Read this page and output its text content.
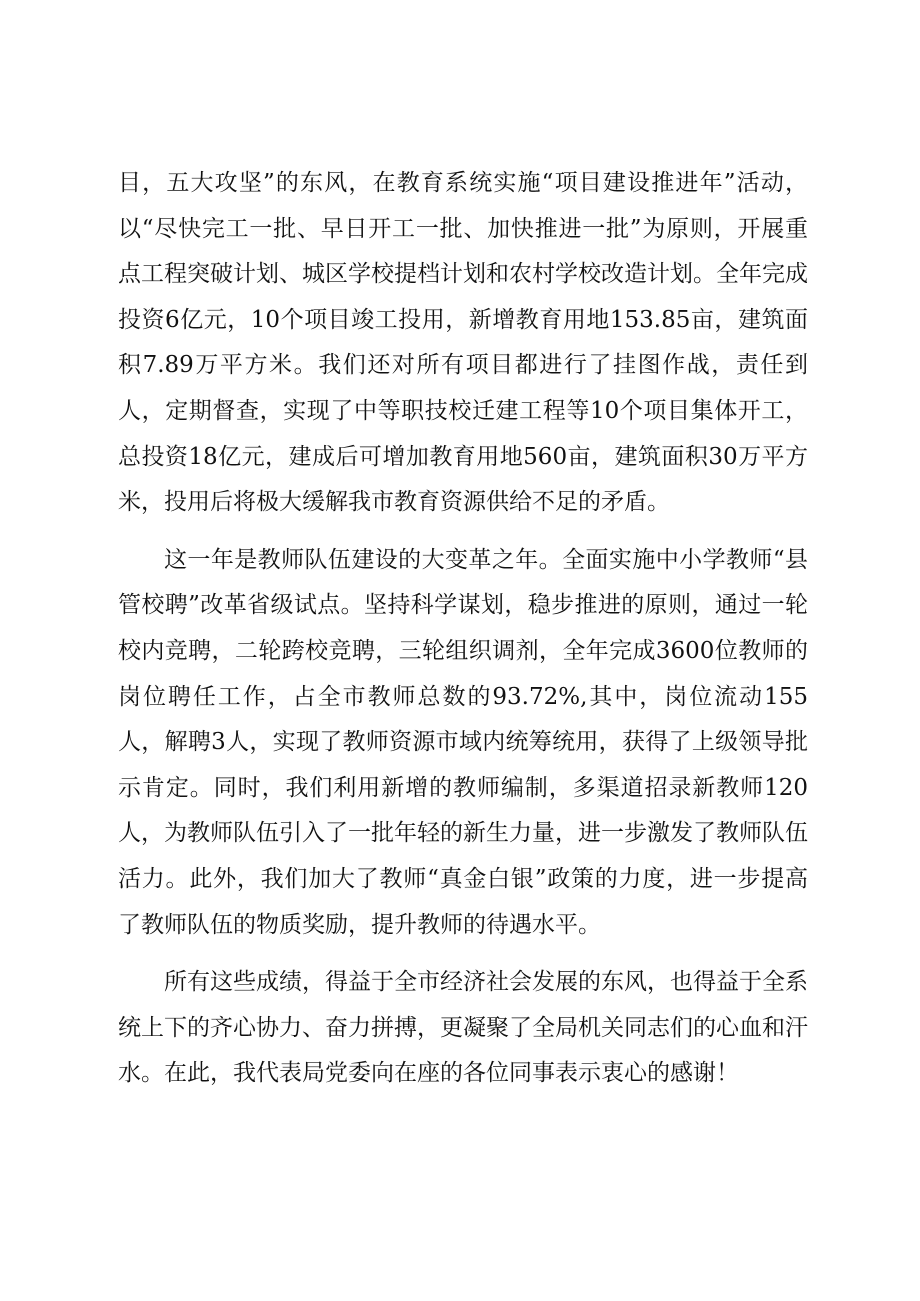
目，五大攻坚”的东风，在教育系统实施“项目建设推进年”活动，以“尽快完工一批、早日开工一批、加快推进一批”为原则，开展重点工程突破计划、城区学校提档计划和农村学校改造计划。全年完成投资6亿元，10个项目竣工投用，新增教育用地153.85亩，建筑面积7.89万平方米。我们还对所有项目都进行了挂图作战，责任到人，定期督查，实现了中等职技校迁建工程等10个项目集体开工，总投资18亿元，建成后可增加教育用地560亩，建筑面积30万平方米，投用后将极大缓解我市教育资源供给不足的矛盾。

这一年是教师队伍建设的大变革之年。全面实施中小学教师“县管校聘”改革省级试点。坚持科学谋划，稳步推进的原则，通过一轮校内竞聘，二轮跨校竞聘，三轮组织调剂，全年完成3600位教师的岗位聘任工作，占全市教师总数的93.72%,其中，岗位流动155人，解聘3人，实现了教师资源市域内统筹统用，获得了上级领导批示肯定。同时，我们利用新增的教师编制，多渠道招录新教师120人，为教师队伍引入了一批年轻的新生力量，进一步激发了教师队伍活力。此外，我们加大了教师“真金白银”政策的力度，进一步提高了教师队伍的物质奖励，提升教师的待遇水平。

所有这些成绩，得益于全市经济社会发展的东风，也得益于全系统上下的齐心协力、奋力拼搏，更凝聚了全局机关同志们的心血和汗水。在此，我代表局党委向在座的各位同事表示衷心的感谢！
